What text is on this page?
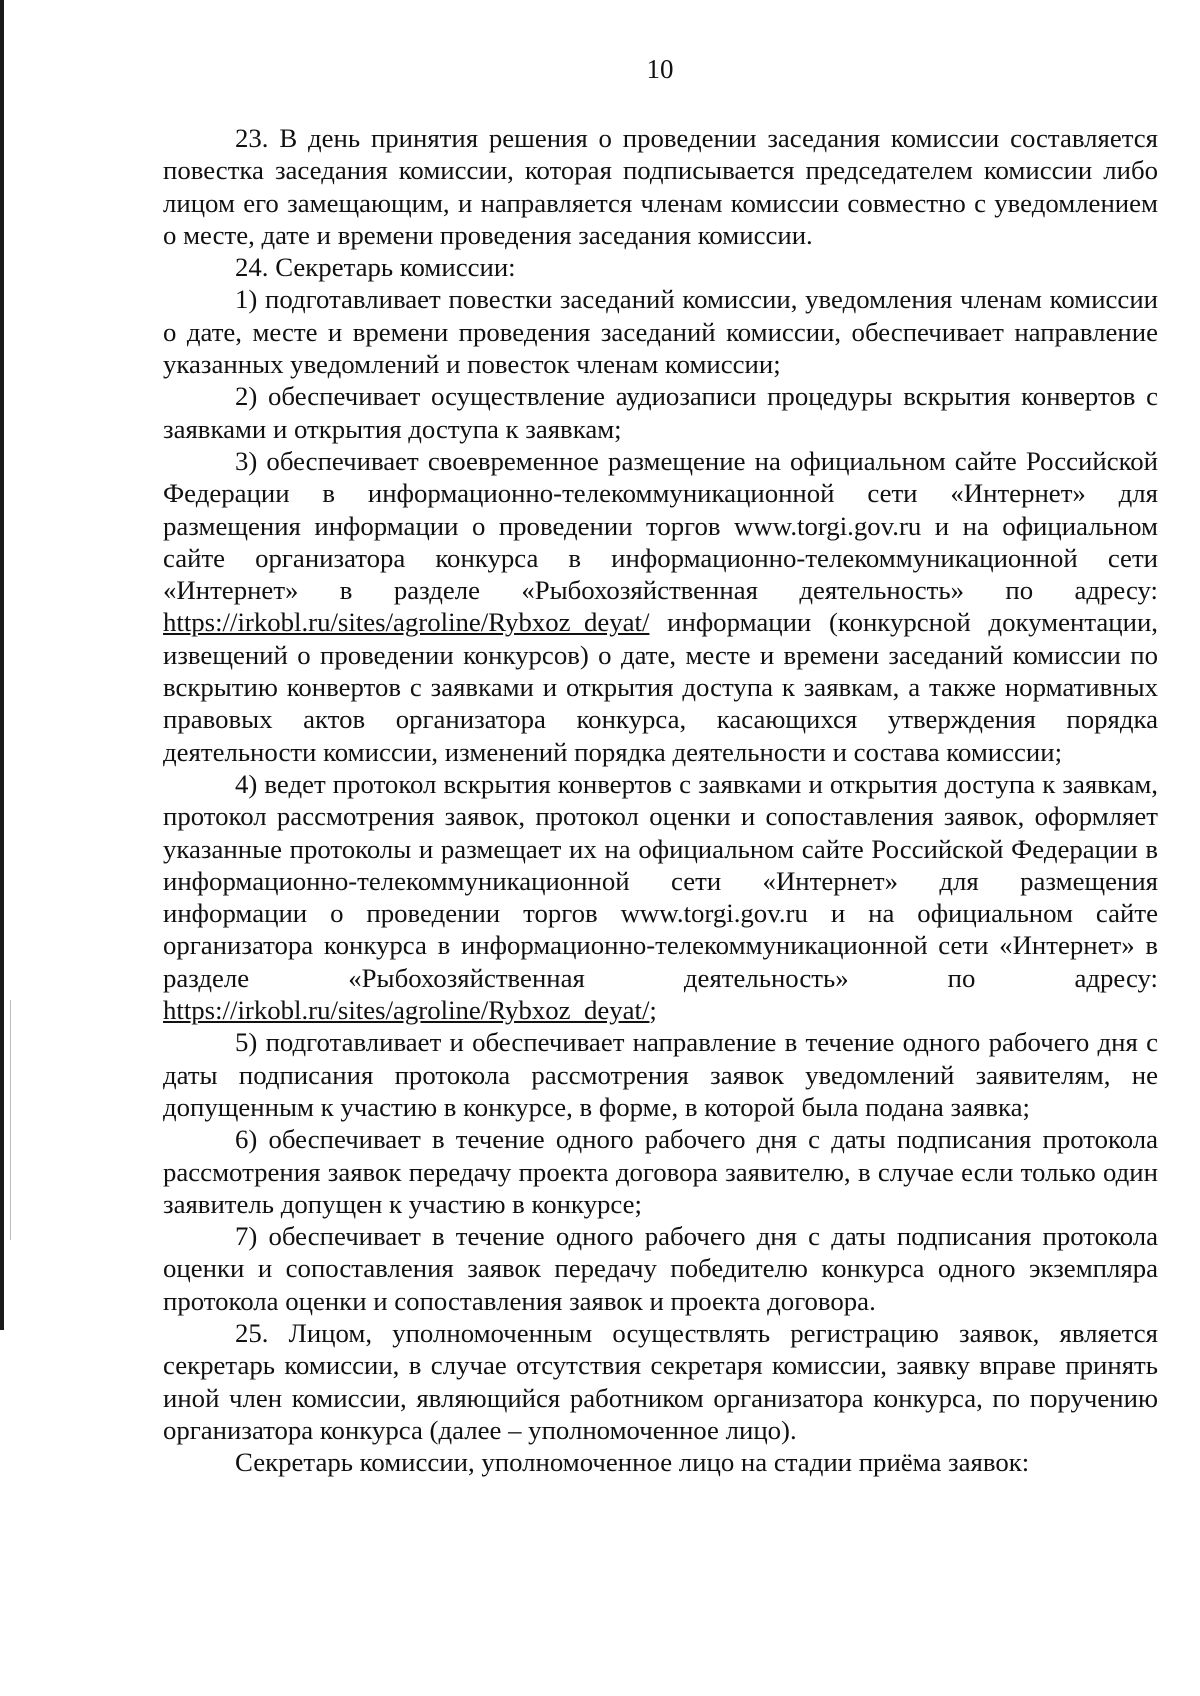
10

23. В день принятия решения о проведении заседания комиссии составляется повестка заседания комиссии, которая подписывается председателем комиссии либо лицом его замещающим, и направляется членам комиссии совместно с уведомлением о месте, дате и времени проведения заседания комиссии.

24. Секретарь комиссии:

1) подготавливает повестки заседаний комиссии, уведомления членам комиссии о дате, месте и времени проведения заседаний комиссии, обеспечивает направление указанных уведомлений и повесток членам комиссии;

2) обеспечивает осуществление аудиозаписи процедуры вскрытия конвертов с заявками и открытия доступа к заявкам;

3) обеспечивает своевременное размещение на официальном сайте Российской Федерации в информационно-телекоммуникационной сети «Интернет» для размещения информации о проведении торгов www.torgi.gov.ru и на официальном сайте организатора конкурса в информационно-телекоммуникационной сети «Интернет» в разделе «Рыбохозяйственная деятельность» по адресу: https://irkobl.ru/sites/agroline/Rybxoz_deyat/ информации (конкурсной документации, извещений о проведении конкурсов) о дате, месте и времени заседаний комиссии по вскрытию конвертов с заявками и открытия доступа к заявкам, а также нормативных правовых актов организатора конкурса, касающихся утверждения порядка деятельности комиссии, изменений порядка деятельности и состава комиссии;

4) ведет протокол вскрытия конвертов с заявками и открытия доступа к заявкам, протокол рассмотрения заявок, протокол оценки и сопоставления заявок, оформляет указанные протоколы и размещает их на официальном сайте Российской Федерации в информационно-телекоммуникационной сети «Интернет» для размещения информации о проведении торгов www.torgi.gov.ru и на официальном сайте организатора конкурса в информационно-телекоммуникационной сети «Интернет» в разделе «Рыбохозяйственная деятельность» по адресу: https://irkobl.ru/sites/agroline/Rybxoz_deyat/;

5) подготавливает и обеспечивает направление в течение одного рабочего дня с даты подписания протокола рассмотрения заявок уведомлений заявителям, не допущенным к участию в конкурсе, в форме, в которой была подана заявка;

6) обеспечивает в течение одного рабочего дня с даты подписания протокола рассмотрения заявок передачу проекта договора заявителю, в случае если только один заявитель допущен к участию в конкурсе;

7) обеспечивает в течение одного рабочего дня с даты подписания протокола оценки и сопоставления заявок передачу победителю конкурса одного экземпляра протокола оценки и сопоставления заявок и проекта договора.

25. Лицом, уполномоченным осуществлять регистрацию заявок, является секретарь комиссии, в случае отсутствия секретаря комиссии, заявку вправе принять иной член комиссии, являющийся работником организатора конкурса, по поручению организатора конкурса (далее – уполномоченное лицо).

Секретарь комиссии, уполномоченное лицо на стадии приёма заявок:
